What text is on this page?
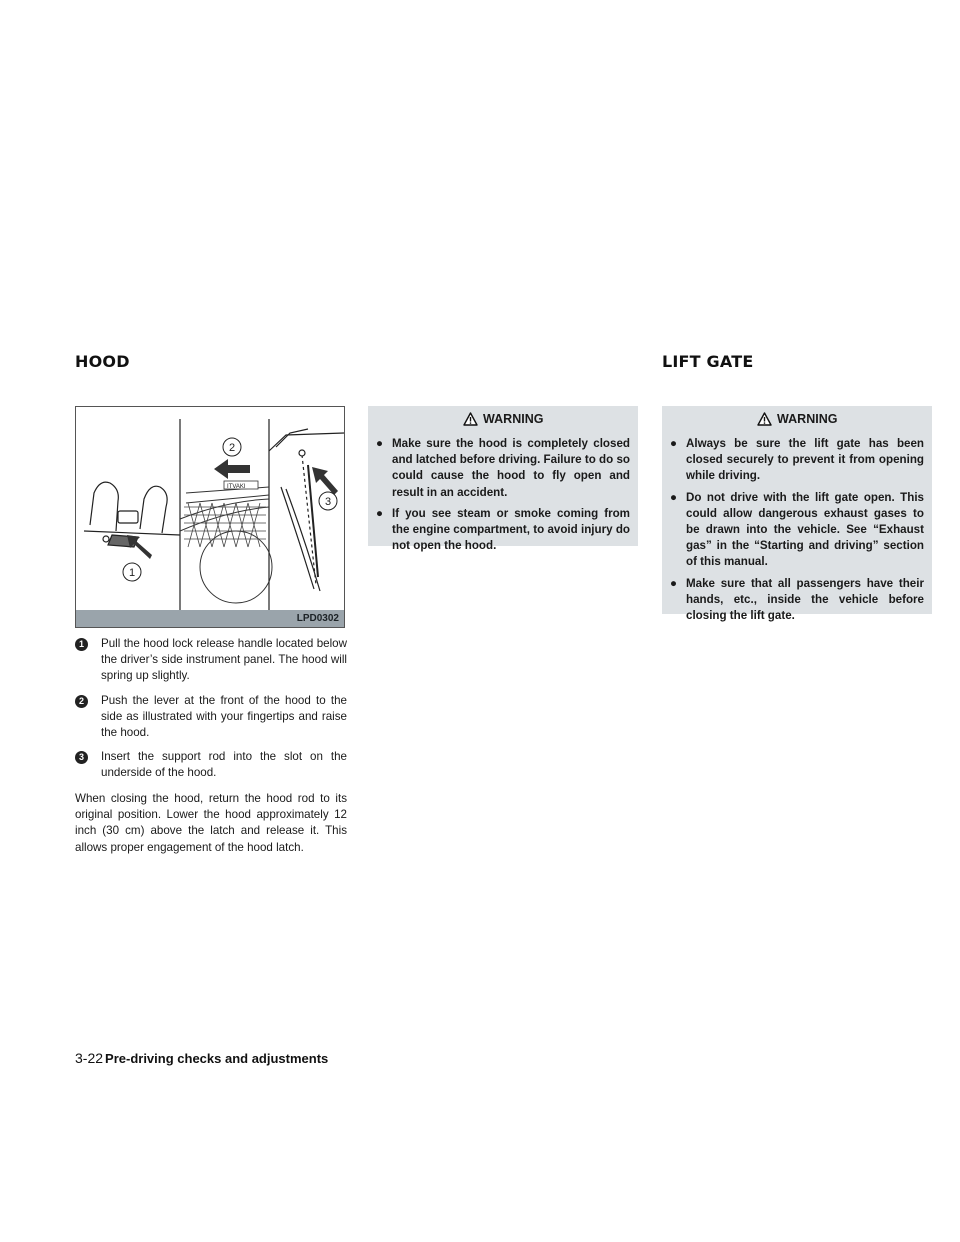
HOOD	LIFT GATE
ITVAKI
1
2
3
LPD0302
1	Pull the hood lock release handle located below the driver’s side instrument panel. The hood will spring up slightly.
2	Push the lever at the front of the hood to the side as illustrated with your fingertips and raise the hood.
3	Insert the support rod into the slot on the underside of the hood.

When closing the hood, return the hood rod to its original position. Lower the hood approximately 12 inch (30 cm) above the latch and release it. This allows proper engagement of the hood latch.

WARNING
● Make sure the hood is completely closed and latched before driving. Failure to do so could cause the hood to fly open and result in an accident.
● If you see steam or smoke coming from the engine compartment, to avoid injury do not open the hood.
WARNING
● Always be sure the lift gate has been closed securely to prevent it from opening while driving.
● Do not drive with the lift gate open. This could allow dangerous exhaust gases to be drawn into the vehicle. See “Exhaust gas” in the “Starting and driving” section of this manual.
● Make sure that all passengers have their hands, etc., inside the vehicle before closing the lift gate.
3-22 Pre-driving checks and adjustments
